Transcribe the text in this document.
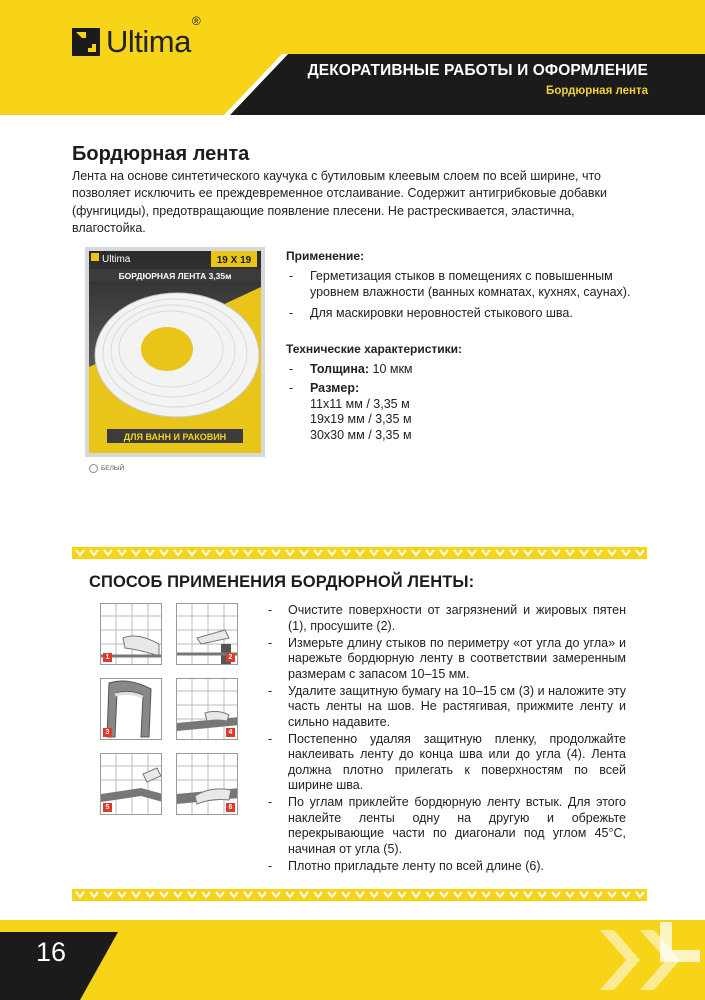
Ultima®
ДЕКОРАТИВНЫЕ РАБОТЫ И ОФОРМЛЕНИЕ
Бордюрная лента
Бордюрная лента
Лента на основе синтетического каучука с бутиловым клеевым слоем по всей ширине, что позволяет исключить ее преждевременное отслаивание. Содержит антигрибковые добавки (фунгициды), предотвращающие появление плесени. Не растрескивается, эластична, влагостойка.
19 X 19
Ultima
БОРДЮРНАЯ ЛЕНТА 3,35м
ДЛЯ ВАНН И РАКОВИН
БЕЛЫЙ
Применение:
- Герметизация стыков в помещениях с повышенным уровнем влажности (ванных комнатах, кухнях, саунах).
- Для маскировки неровностей стыкового шва.
Технические характеристики:
- Толщина: 10 мкм
- Размер:
11x11 мм / 3,35 м
19x19 мм / 3,35 м
30x30 мм / 3,35 м
СПОСОБ ПРИМЕНЕНИЯ БОРДЮРНОЙ ЛЕНТЫ:
1	2
3	4
5	6
- Очистите поверхности от загрязнений и жировых пятен (1), просушите (2).
- Измерьте длину стыков по периметру «от угла до угла» и нарежьте бордюрную ленту в соответствии замеренным размерам с запасом 10–15 мм.
- Удалите защитную бумагу на 10–15 см (3) и наложите эту часть ленты на шов. Не растягивая, прижмите ленту и сильно надавите.
- Постепенно удаляя защитную пленку, продолжайте наклеивать ленту до конца шва или до угла (4). Лента должна плотно прилегать к поверхностям по всей ширине шва.
- По углам приклейте бордюрную ленту встык. Для этого наклейте ленты одну на другую и обрежьте перекрывающие части по диагонали под углом 45°С, начиная от угла (5).
- Плотно пригладьте ленту по всей длине (6).
16
